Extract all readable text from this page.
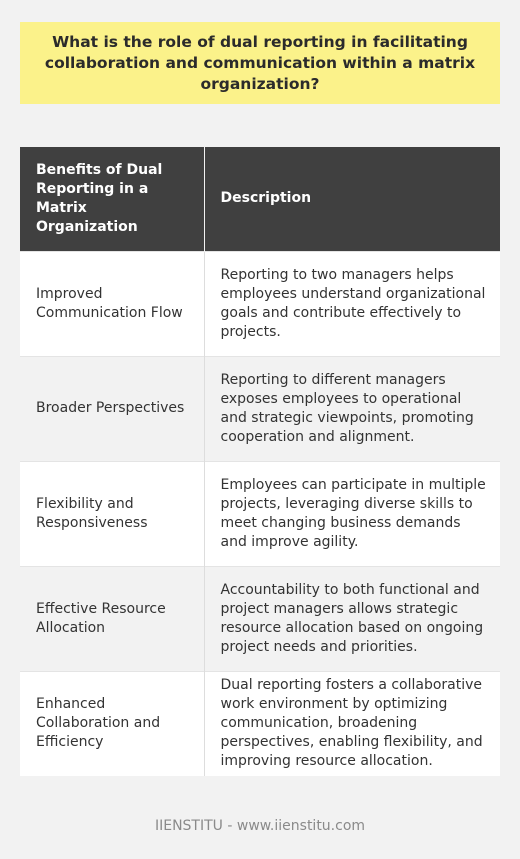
What is the role of dual reporting in facilitating collaboration and communication within a matrix organization?
Benefits of Dual Reporting in a Matrix Organization	Description
Improved Communication Flow	Reporting to two managers helps employees understand organizational goals and contribute effectively to projects.
Broader Perspectives	Reporting to different managers exposes employees to operational and strategic viewpoints, promoting cooperation and alignment.
Flexibility and Responsiveness	Employees can participate in multiple projects, leveraging diverse skills to meet changing business demands and improve agility.
Effective Resource Allocation	Accountability to both functional and project managers allows strategic resource allocation based on ongoing project needs and priorities.
Enhanced Collaboration and Efficiency	Dual reporting fosters a collaborative work environment by optimizing communication, broadening perspectives, enabling flexibility, and improving resource allocation.
IIENSTITU - www.iienstitu.com
